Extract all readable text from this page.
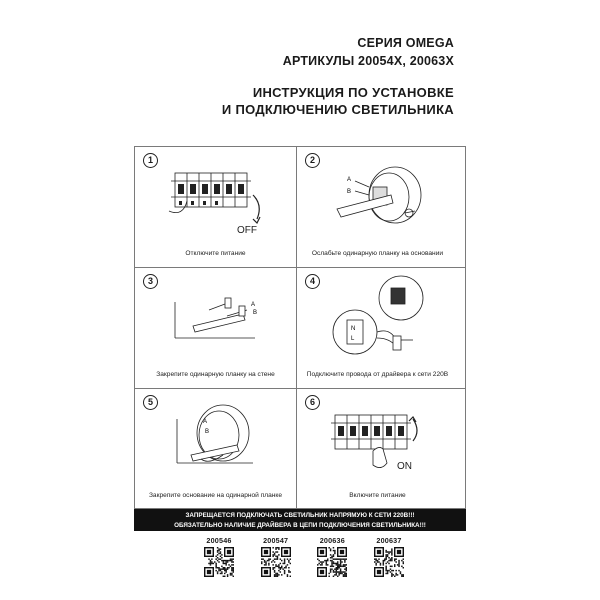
СЕРИЯ OMEGA
АРТИКУЛЫ 20054X, 20063X
ИНСТРУКЦИЯ ПО УСТАНОВКЕ
И ПОДКЛЮЧЕНИЮ СВЕТИЛЬНИКА
1
OFF
Отключите питание
2
A
B
Ослабьте одинарную планку на основании
3
A
B
Закрепите одинарную планку на стене
4
N
L
Подключите провода от драйвера к сети 220В
5
A
B
Закрепите основание на одинарной планке
6
ON
Включите питание
ЗАПРЕЩАЕТСЯ ПОДКЛЮЧАТЬ СВЕТИЛЬНИК НАПРЯМУЮ К СЕТИ 220В!!!
ОБЯЗАТЕЛЬНО НАЛИЧИЕ ДРАЙВЕРА В ЦЕПИ ПОДКЛЮЧЕНИЯ СВЕТИЛЬНИКА!!!
200546	200547	200636	200637
